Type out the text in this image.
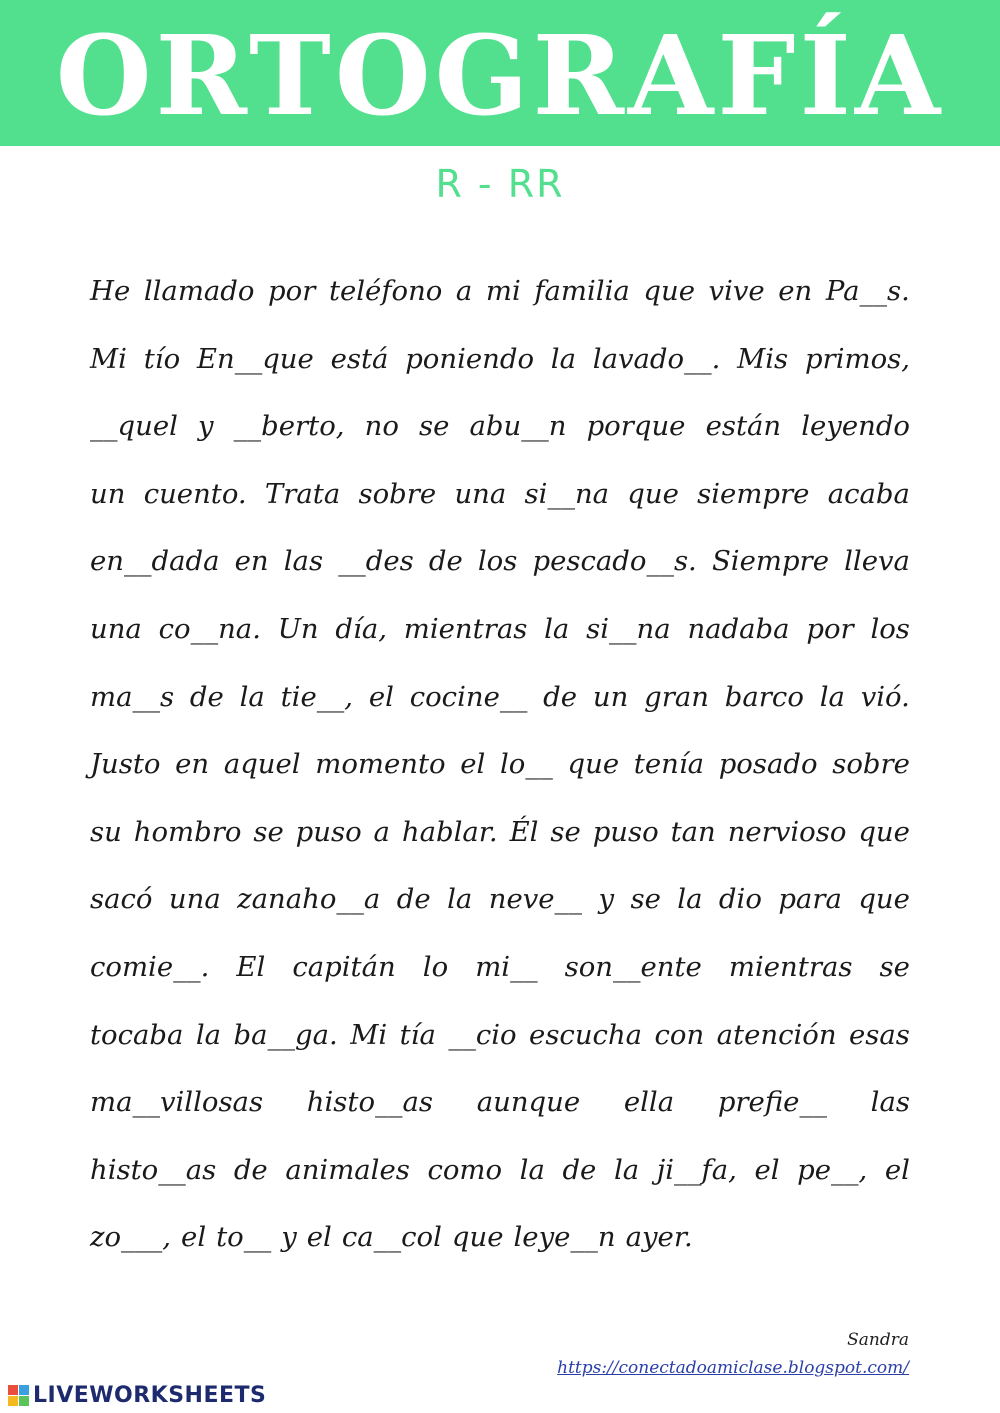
ORTOGRAFÍA
R - RR
He llamado por teléfono a mi familia que vive en Pa__s.
Mi tío En__que está poniendo la lavado__. Mis primos,
__quel y __berto, no se abu__n porque están leyendo
un cuento. Trata sobre una si__na que siempre acaba
en__dada en las __des de los pescado__s. Siempre lleva
una co__na. Un día, mientras la si__na nadaba por los
ma__s de la tie__, el cocine__ de un gran barco la vió.
Justo en aquel momento el lo__ que tenía posado sobre
su hombro se puso a hablar. Él se puso tan nervioso que
sacó una zanaho__a de la neve__ y se la dio para que
comie__. El capitán lo mi__ son__ente mientras se
tocaba la ba__ga. Mi tía __cio escucha con atención esas
ma__villosas histo__as aunque ella prefie__ las
histo__as de animales como la de la ji__fa, el pe__, el
zo___, el to__ y el ca__col que leye__n ayer.
Sandra
https://conectadoamiclase.blogspot.com/
LIVEWORKSHEETS
